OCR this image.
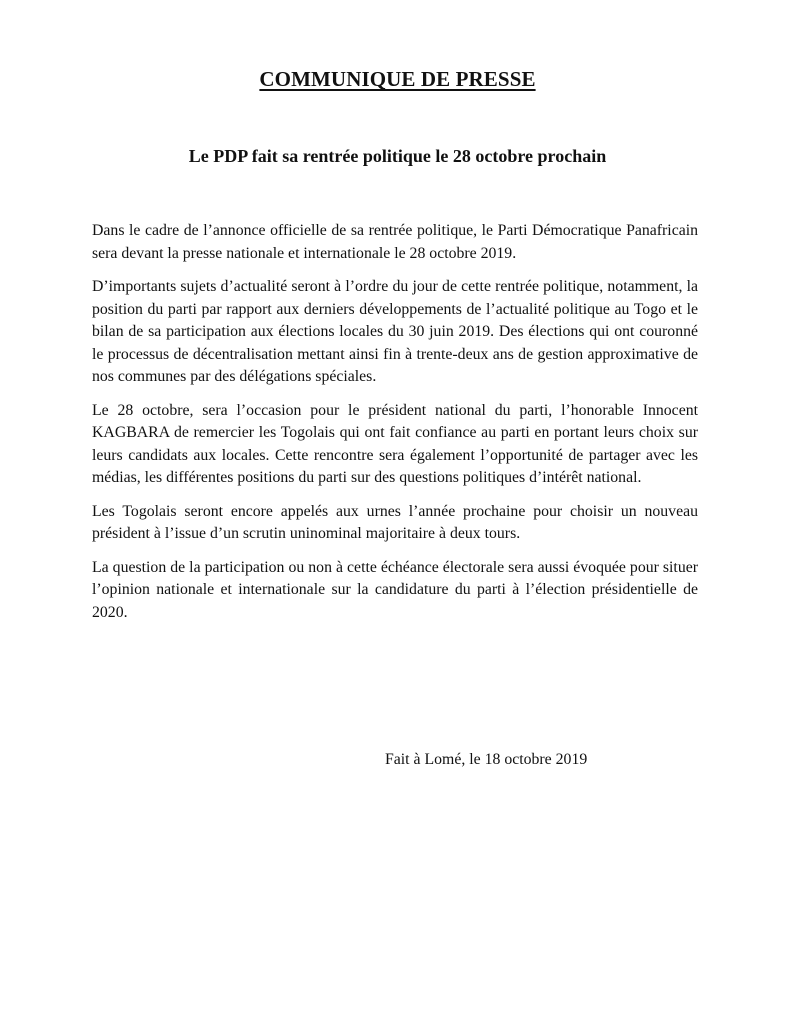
COMMUNIQUE DE PRESSE
Le PDP fait sa rentrée politique le 28 octobre prochain

Dans le cadre de l’annonce officielle de sa rentrée politique, le Parti Démocratique Panafricain sera devant la presse nationale et internationale le 28 octobre 2019.

D’importants sujets d’actualité seront à l’ordre du jour de cette rentrée politique, notamment, la position du parti par rapport aux derniers développements de l’actualité politique au Togo et le bilan de sa participation aux élections locales du 30 juin 2019. Des élections qui ont couronné le processus de décentralisation mettant ainsi fin à trente-deux ans de gestion approximative de nos communes par des délégations spéciales.

Le 28 octobre, sera l’occasion pour le président national du parti, l’honorable Innocent KAGBARA de remercier les Togolais qui ont fait confiance au parti en portant leurs choix sur leurs candidats aux locales. Cette rencontre sera également l’opportunité de partager avec les médias, les différentes positions du parti sur des questions politiques d’intérêt national.

Les Togolais seront encore appelés aux urnes l’année prochaine pour choisir un nouveau président à l’issue d’un scrutin uninominal majoritaire à deux tours.

La question de la participation ou non à cette échéance électorale sera aussi évoquée pour situer l’opinion nationale et internationale sur la candidature du parti à l’élection présidentielle de 2020.

Fait à Lomé, le 18 octobre 2019
